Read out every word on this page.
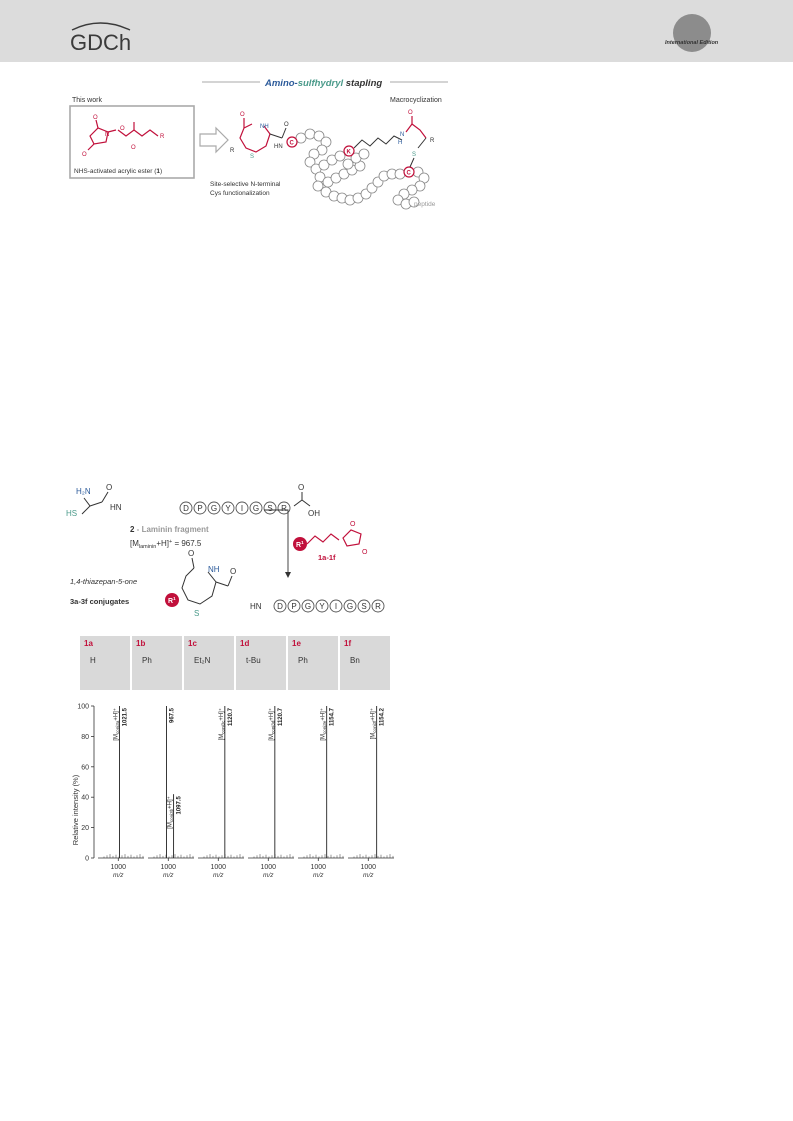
GDCh	International Edition
Amino-sulfhydryl stapling
This work
O
O
N
O
O
R
NHS-activated acrylic ester (1)
O
NH
S
R
O
HN
C
K
C
Macrocyclization
N
H
O
R
S
peptide
Site-selective N-terminal
Cys functionalization
H₂N
HS
O
HN	D P G Y I G S R
O
OH
2 - Laminin fragment
$[M_{laminin}+H]^+ = 967.5$	$R^1$
O
O
1a-1f
1,4-thiazepan-5-one
3a-3f conjugates
O
NH
S
$R^1$
O
D P G Y I G S R
HN
1a
H
1b
Ph
1c
Et₂N
1d
t-Bu
1e
Ph
1f
Bn
Relative intensity (%)
0
20
40
60
80
100
1021.5
$[M_{conj3a}+H]^+$
1000
m/z
967.5
1097.5
$[M_{conj3b}+H]^+$
1000
m/z
1120.7
$[M_{conj3c}+H]^+$
1000
m/z
1120.7
$[M_{conj3d}+H]^+$
1000
m/z
1154.7
$[M_{conj3e}+H]^+$
1000
m/z
1154.2
$[M_{conj3f}+H]^+$
1000
m/z
